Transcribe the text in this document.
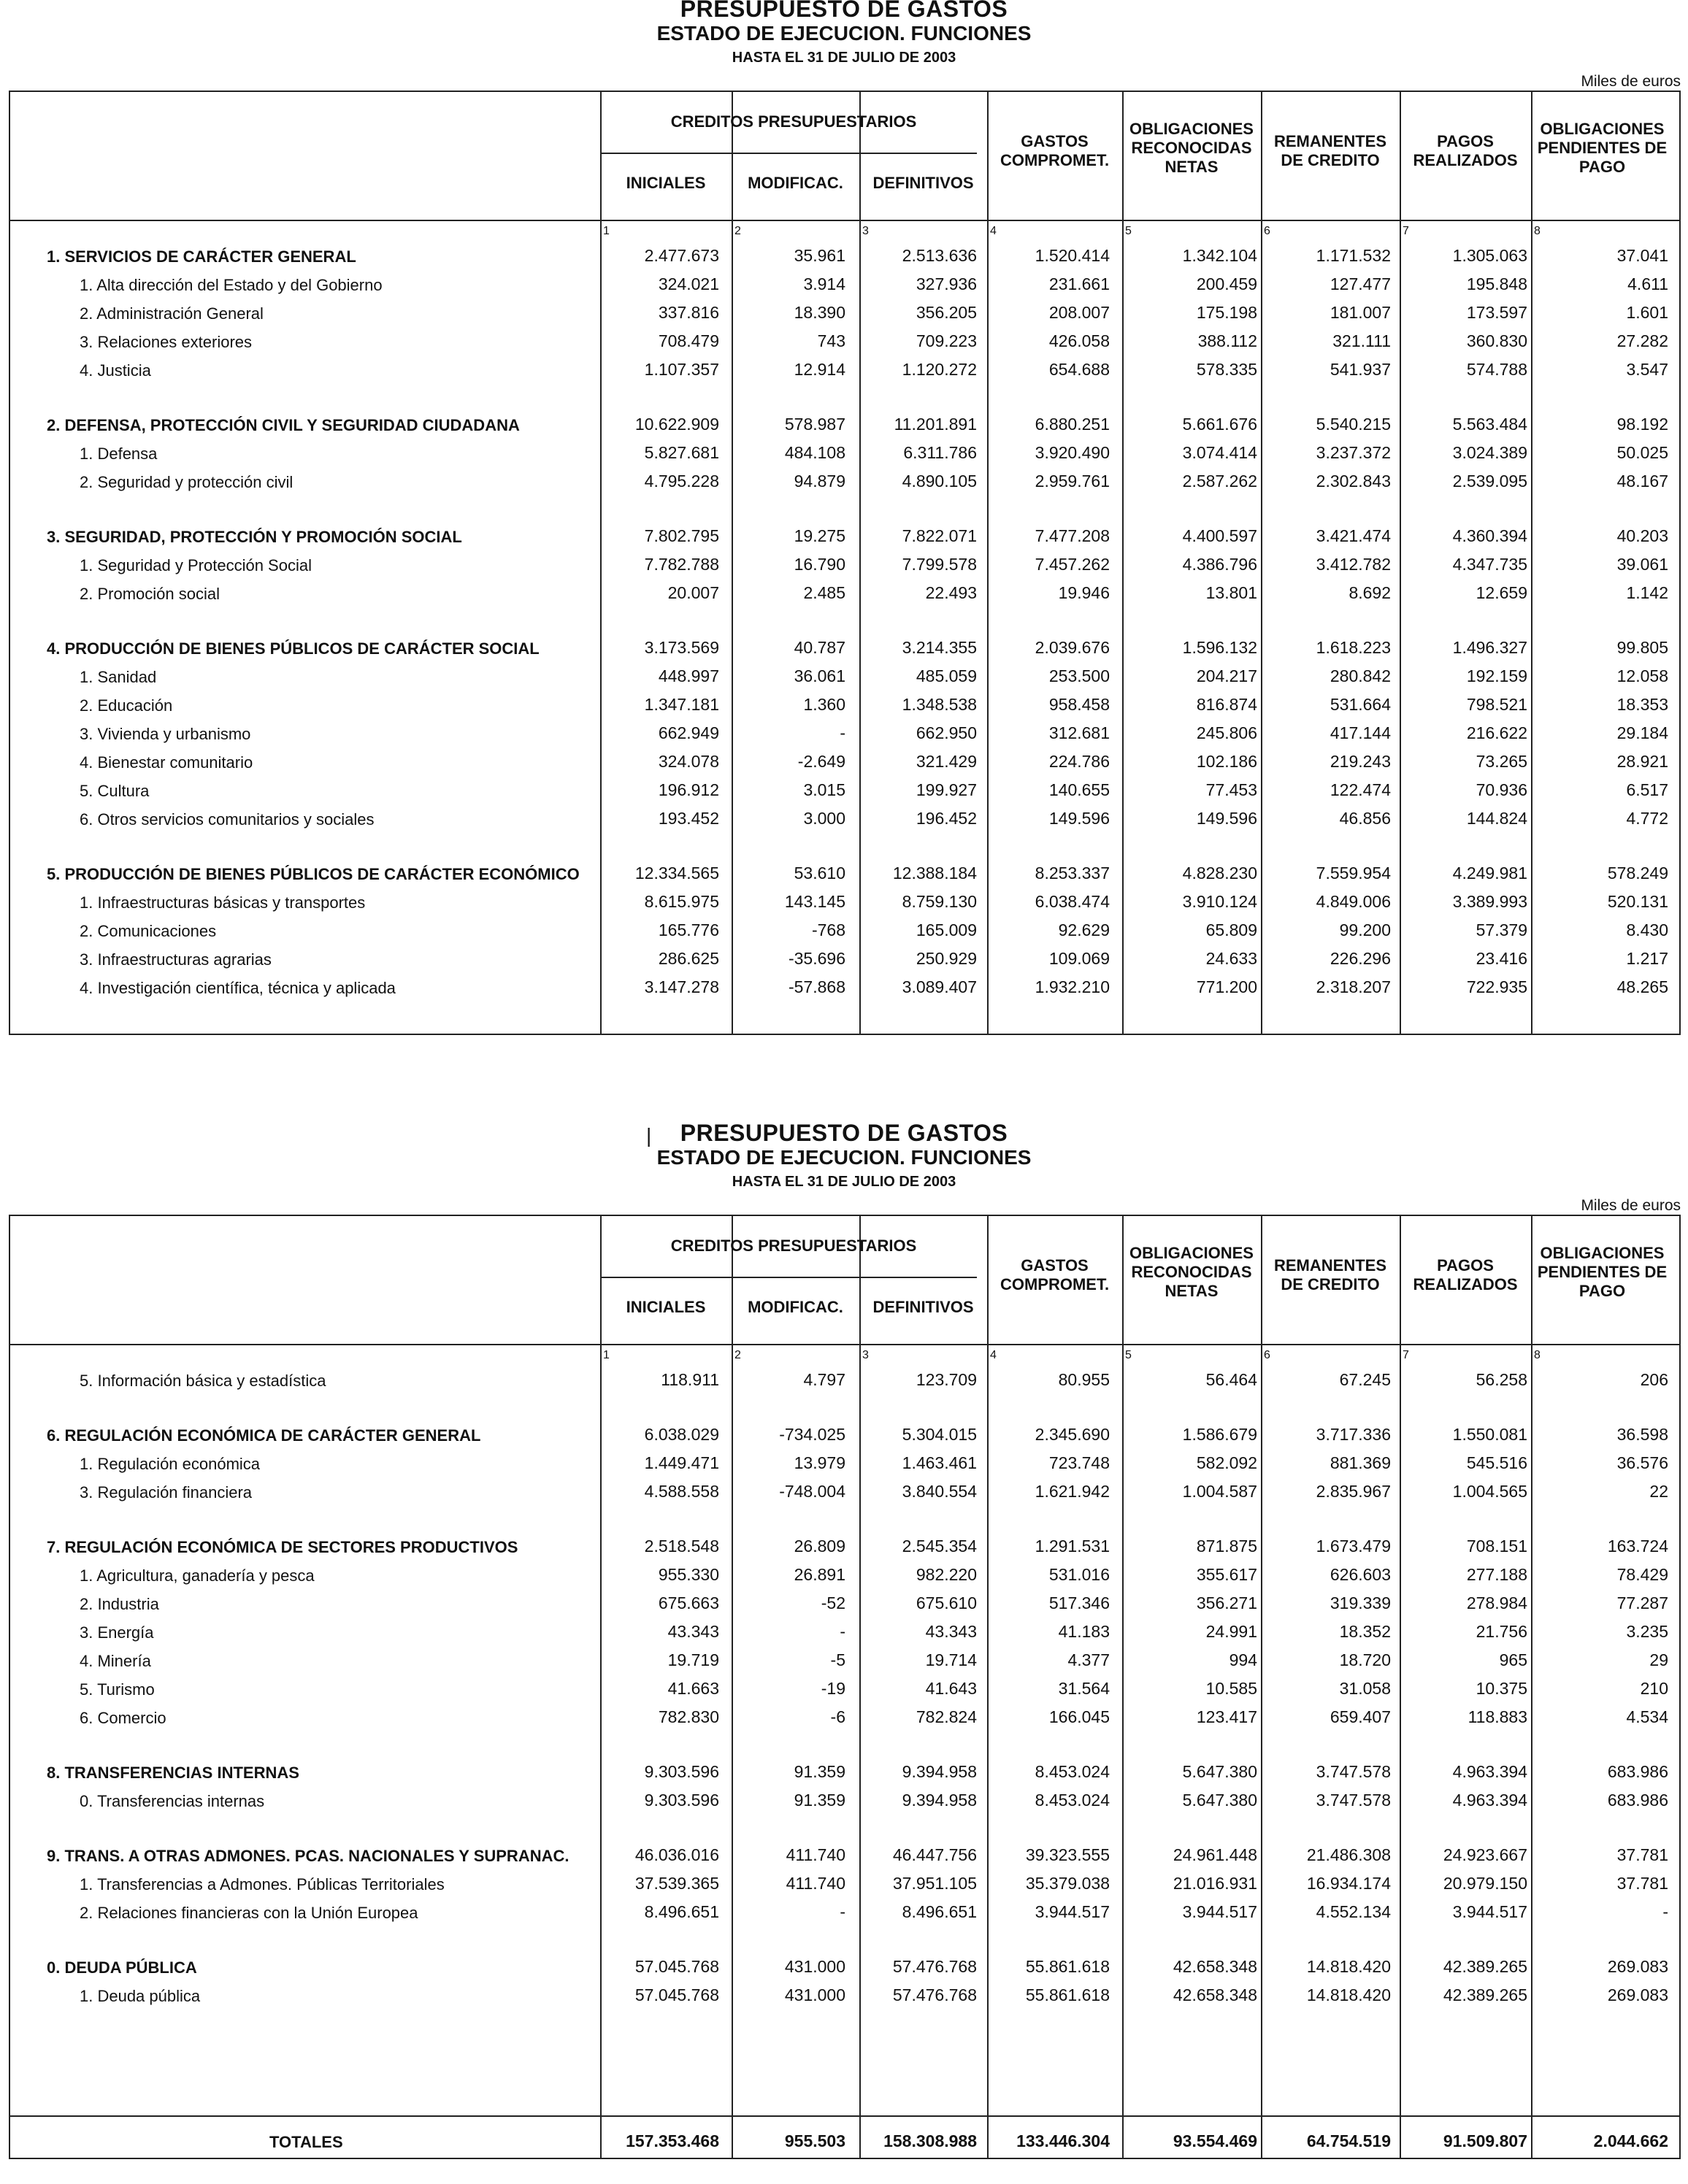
PRESUPUESTO DE GASTOS
ESTADO DE EJECUCION. FUNCIONES
HASTA EL 31 DE JULIO DE 2003
Miles de euros
CREDITOS PRESUPUESTARIOS
INICIALES	MODIFICAC.	DEFINITIVOS
GASTOS
COMPROMET.
OBLIGACIONES
RECONOCIDAS
NETAS
REMANENTES
DE CREDITO
PAGOS
REALIZADOS
OBLIGACIONES
PENDIENTES DE
PAGO
1	2	3	4	5	6	7	8
1. SERVICIOS DE CARÁCTER GENERAL	2.477.673	35.961	2.513.636	1.520.414	1.342.104	1.171.532	1.305.063	37.041
1. Alta dirección del Estado y del Gobierno	324.021	3.914	327.936	231.661	200.459	127.477	195.848	4.611
2. Administración General	337.816	18.390	356.205	208.007	175.198	181.007	173.597	1.601
3. Relaciones exteriores	708.479	743	709.223	426.058	388.112	321.111	360.830	27.282
4. Justicia	1.107.357	12.914	1.120.272	654.688	578.335	541.937	574.788	3.547
2. DEFENSA, PROTECCIÓN CIVIL Y SEGURIDAD CIUDADANA	10.622.909	578.987	11.201.891	6.880.251	5.661.676	5.540.215	5.563.484	98.192
1. Defensa	5.827.681	484.108	6.311.786	3.920.490	3.074.414	3.237.372	3.024.389	50.025
2. Seguridad y protección civil	4.795.228	94.879	4.890.105	2.959.761	2.587.262	2.302.843	2.539.095	48.167
3. SEGURIDAD, PROTECCIÓN Y PROMOCIÓN SOCIAL	7.802.795	19.275	7.822.071	7.477.208	4.400.597	3.421.474	4.360.394	40.203
1. Seguridad y Protección Social	7.782.788	16.790	7.799.578	7.457.262	4.386.796	3.412.782	4.347.735	39.061
2. Promoción social	20.007	2.485	22.493	19.946	13.801	8.692	12.659	1.142
4. PRODUCCIÓN DE BIENES PÚBLICOS DE CARÁCTER SOCIAL	3.173.569	40.787	3.214.355	2.039.676	1.596.132	1.618.223	1.496.327	99.805
1. Sanidad	448.997	36.061	485.059	253.500	204.217	280.842	192.159	12.058
2. Educación	1.347.181	1.360	1.348.538	958.458	816.874	531.664	798.521	18.353
3. Vivienda y urbanismo	662.949	-	662.950	312.681	245.806	417.144	216.622	29.184
4. Bienestar comunitario	324.078	-2.649	321.429	224.786	102.186	219.243	73.265	28.921
5. Cultura	196.912	3.015	199.927	140.655	77.453	122.474	70.936	6.517
6. Otros servicios comunitarios y sociales	193.452	3.000	196.452	149.596	149.596	46.856	144.824	4.772
5. PRODUCCIÓN DE BIENES PÚBLICOS DE CARÁCTER ECONÓMICO	12.334.565	53.610	12.388.184	8.253.337	4.828.230	7.559.954	4.249.981	578.249
1. Infraestructuras básicas y transportes	8.615.975	143.145	8.759.130	6.038.474	3.910.124	4.849.006	3.389.993	520.131
2. Comunicaciones	165.776	-768	165.009	92.629	65.809	99.200	57.379	8.430
3. Infraestructuras agrarias	286.625	-35.696	250.929	109.069	24.633	226.296	23.416	1.217
4. Investigación científica, técnica y aplicada	3.147.278	-57.868	3.089.407	1.932.210	771.200	2.318.207	722.935	48.265
|	PRESUPUESTO DE GASTOS
ESTADO DE EJECUCION. FUNCIONES
HASTA EL 31 DE JULIO DE 2003
Miles de euros
CREDITOS PRESUPUESTARIOS
INICIALES	MODIFICAC.	DEFINITIVOS
GASTOS
COMPROMET.
OBLIGACIONES
RECONOCIDAS
NETAS
REMANENTES
DE CREDITO
PAGOS
REALIZADOS
OBLIGACIONES
PENDIENTES DE
PAGO
1	2	3	4	5	6	7	8
5. Información básica y estadística	118.911	4.797	123.709	80.955	56.464	67.245	56.258	206
6. REGULACIÓN ECONÓMICA DE CARÁCTER GENERAL	6.038.029	-734.025	5.304.015	2.345.690	1.586.679	3.717.336	1.550.081	36.598
1. Regulación económica	1.449.471	13.979	1.463.461	723.748	582.092	881.369	545.516	36.576
3. Regulación financiera	4.588.558	-748.004	3.840.554	1.621.942	1.004.587	2.835.967	1.004.565	22
7. REGULACIÓN ECONÓMICA DE SECTORES PRODUCTIVOS	2.518.548	26.809	2.545.354	1.291.531	871.875	1.673.479	708.151	163.724
1. Agricultura, ganadería y pesca	955.330	26.891	982.220	531.016	355.617	626.603	277.188	78.429
2. Industria	675.663	-52	675.610	517.346	356.271	319.339	278.984	77.287
3. Energía	43.343	-	43.343	41.183	24.991	18.352	21.756	3.235
4. Minería	19.719	-5	19.714	4.377	994	18.720	965	29
5. Turismo	41.663	-19	41.643	31.564	10.585	31.058	10.375	210
6. Comercio	782.830	-6	782.824	166.045	123.417	659.407	118.883	4.534
8. TRANSFERENCIAS INTERNAS	9.303.596	91.359	9.394.958	8.453.024	5.647.380	3.747.578	4.963.394	683.986
0. Transferencias internas	9.303.596	91.359	9.394.958	8.453.024	5.647.380	3.747.578	4.963.394	683.986
9. TRANS. A OTRAS ADMONES. PCAS. NACIONALES Y SUPRANAC.	46.036.016	411.740	46.447.756	39.323.555	24.961.448	21.486.308	24.923.667	37.781
1. Transferencias a Admones. Públicas Territoriales	37.539.365	411.740	37.951.105	35.379.038	21.016.931	16.934.174	20.979.150	37.781
2. Relaciones financieras con la Unión Europea	8.496.651	-	8.496.651	3.944.517	3.944.517	4.552.134	3.944.517	-
0. DEUDA PÚBLICA	57.045.768	431.000	57.476.768	55.861.618	42.658.348	14.818.420	42.389.265	269.083
1. Deuda pública	57.045.768	431.000	57.476.768	55.861.618	42.658.348	14.818.420	42.389.265	269.083
TOTALES	157.353.468	955.503 158.308.988 133.446.304	93.554.469	64.754.519	91.509.807	2.044.662
